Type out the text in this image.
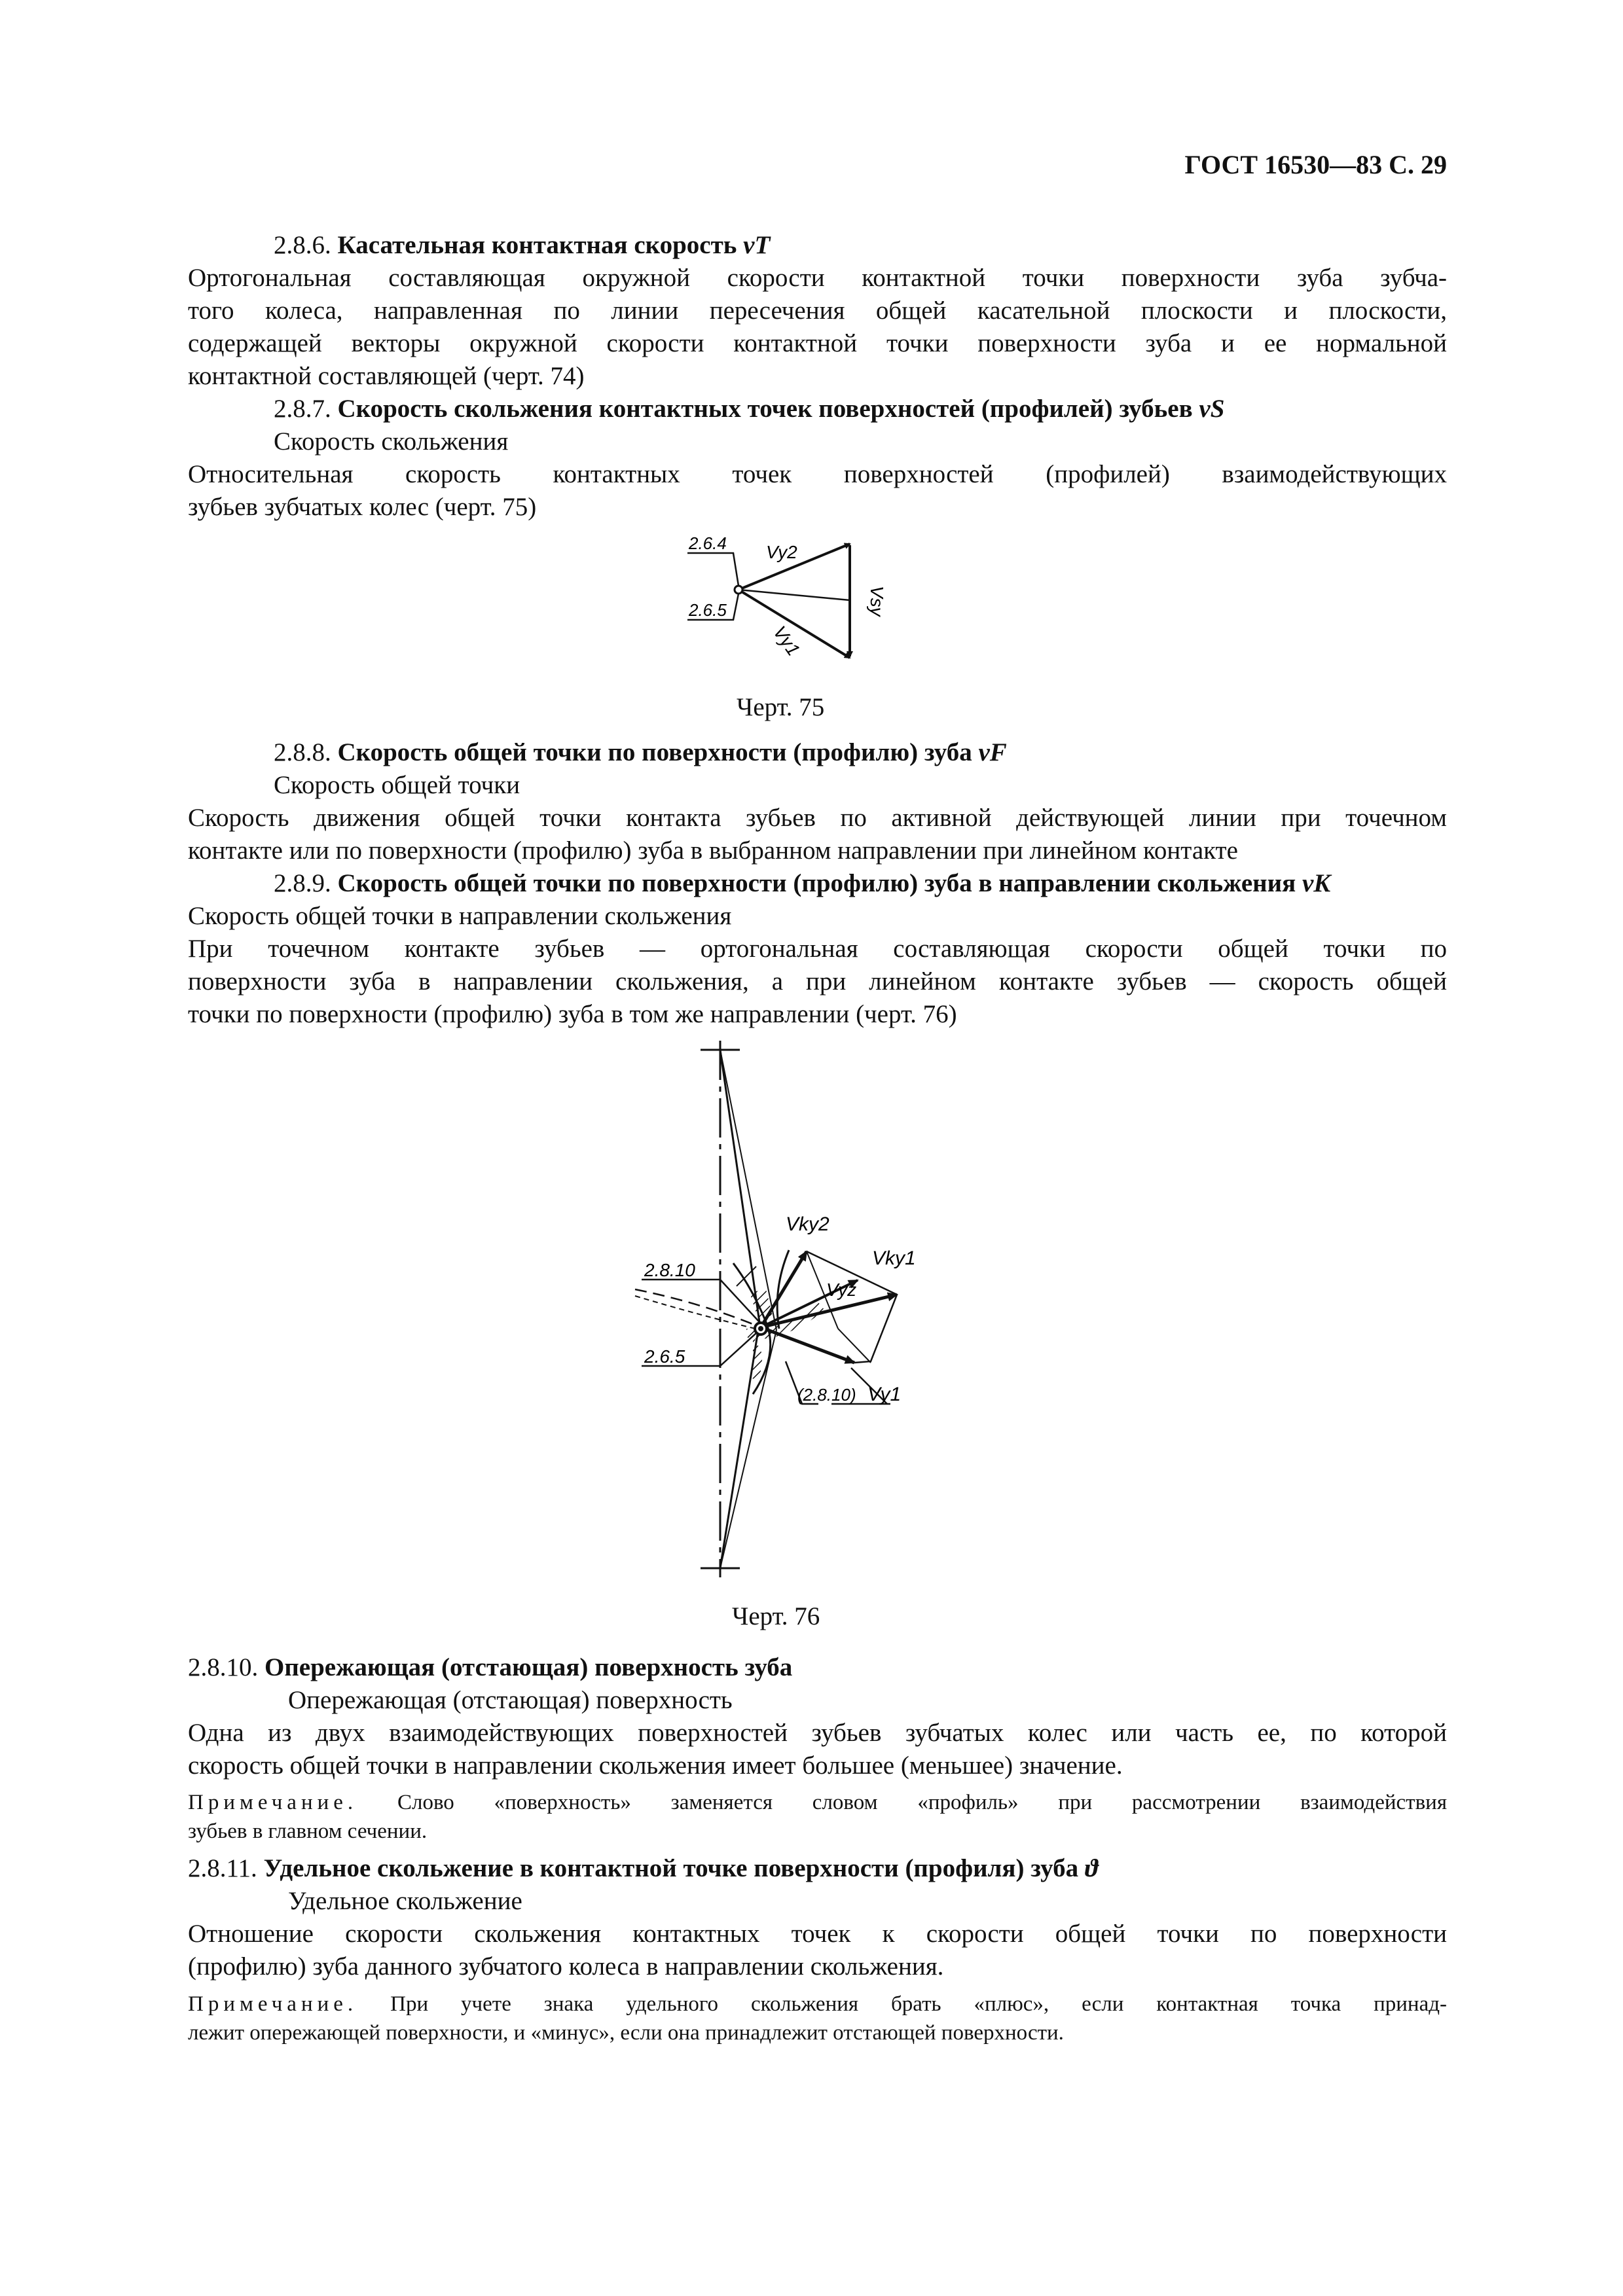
ГОСТ 16530—83 С. 29
2.8.6. Касательная контактная скорость vT
Ортогональная составляющая окружной скорости контактной точки поверхности зуба зубча-
того колеса, направленная по линии пересечения общей касательной плоскости и плоскости,
содержащей векторы окружной скорости контактной точки поверхности зуба и ее нормальной
контактной составляющей (черт. 74)
2.8.7. Скорость скольжения контактных точек поверхностей (профилей) зубьев vS
Скорость скольжения
Относительная скорость контактных точек поверхностей (профилей) взаимодействующих
зубьев зубчатых колес (черт. 75)
2.6.4
2.6.5
Vy2
Vsy
Vy1
Черт. 75
2.8.8. Скорость общей точки по поверхности (профилю) зуба vF
Скорость общей точки
Скорость движения общей точки контакта зубьев по активной действующей линии при точечном
контакте или по поверхности (профилю) зуба в выбранном направлении при линейном контакте
2.8.9. Скорость общей точки по поверхности (профилю) зуба в направлении скольжения vK
Скорость общей точки в направлении скольжения
При точечном контакте зубьев — ортогональная составляющая скорости общей точки по
поверхности зуба в направлении скольжения, а при линейном контакте зубьев — скорость общей
точки по поверхности (профилю) зуба в том же направлении (черт. 76)
Vky2
Vky1
Vyz
Vy1
2.8.10
2.6.5
(2.8.10)
Черт. 76
2.8.10. Опережающая (отстающая) поверхность зуба
Опережающая (отстающая) поверхность
Одна из двух взаимодействующих поверхностей зубьев зубчатых колес или часть ее, по которой
скорость общей точки в направлении скольжения имеет большее (меньшее) значение.
Примечание. Слово «поверхность» заменяется словом «профиль» при рассмотрении взаимодействия
зубьев в главном сечении.
2.8.11. Удельное скольжение в контактной точке поверхности (профиля) зуба ϑ
Удельное скольжение
Отношение скорости скольжения контактных точек к скорости общей точки по поверхности
(профилю) зуба данного зубчатого колеса в направлении скольжения.
Примечание. При учете знака удельного скольжения брать «плюс», если контактная точка принад-
лежит опережающей поверхности, и «минус», если она принадлежит отстающей поверхности.
